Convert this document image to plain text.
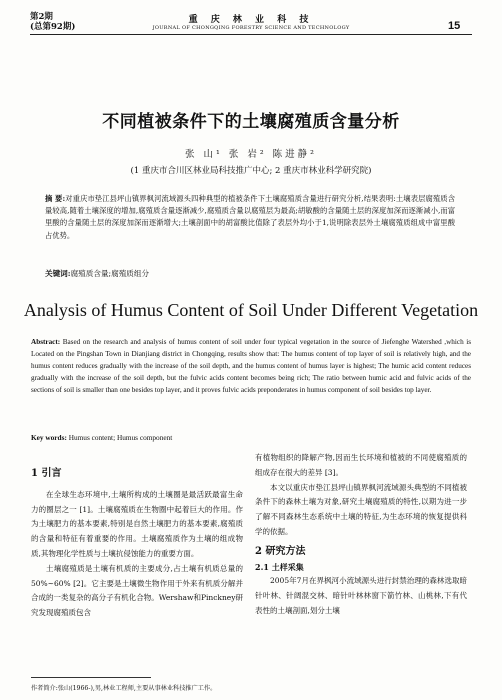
第2期
(总第92期)
重 庆 林 业 科 技
JOURNAL OF CHONGQING FORESTRY SCIENCE AND TECHNOLOGY	15
不同植被条件下的土壤腐殖质含量分析
张 山¹ 张 岩² 陈进静²
(1 重庆市合川区林业局科技推广中心; 2 重庆市林业科学研究院)
摘 要:对重庆市垫江县坪山镇界枫河流域源头四种典型的植被条件下土壤腐殖质含量进行研究分析,结果表明:土壤表层腐殖质含量较高,随着土壤深度的增加,腐殖质含量逐渐减少,腐殖质含量以腐殖层为最高;胡敏酸的含量随土层的深度加深而逐渐减小,而富里酸的含量随土层的深度加深而逐渐增大;土壤剖面中的胡富酸比值除了表层外均小于1,说明除表层外土壤腐殖质组成中富里酸占优势。
关键词:腐殖质含量;腐殖质组分
Analysis of Humus Content of Soil Under Different Vegetation
Abstract: Based on the research and analysis of humus content of soil under four typical vegetation in the source of Jiefenghe Watershed ,which is Located on the Pingshan Town in Dianjiang district in Chongqing, results show that: The humus content of top layer of soil is relatively high, and the humus content reduces gradually with the increase of the soil depth, and the humus content of humus layer is highest; The humic acid content reduces gradually with the increase of the soil depth, but the fulvic acids content becomes being rich; The ratio between humic acid and fulvic acids of the sections of soil is smaller than one besides top layer, and it proves fulvic acids preponderates in humus component of soil besides top layer.
Key words: Humus content; Humus component
1 引言

在全球生态环境中,土壤所构成的土壤圈是最活跃最富生命力的圈层之一 [1]。土壤腐殖质在生物圈中起着巨大的作用。作为土壤肥力的基本要素,特别是自然土壤肥力的基本要素,腐殖质的含量和特征有着重要的作用。土壤腐殖质作为土壤的组成物质,其物理化学性质与土壤抗侵蚀能力的重要方面。

土壤腐殖质是土壤有机质的主要成分,占土壤有机质总量的50%~60% [2]。它主要是土壤微生物作用于外来有机质分解并合成的一类复杂的高分子有机化合物。Wershaw和Pinckney研究发现腐殖质包含

有植物组织的降解产物,因而生长环境和植被的不同使腐殖质的组成存在很大的差异 [3]。

本文以重庆市垫江县坪山镇界枫河流域源头典型的不同植被条件下的森林土壤为对象,研究土壤腐殖质的特性,以期为进一步了解不同森林生态系统中土壤的特征,为生态环境的恢复提供科学的依据。

2 研究方法
2.1 土样采集

2005年7月在界枫河小流域源头进行封禁治理的森林选取暗针叶林、针阔混交林、暗针叶林林窗下箭竹林、山桃林,下有代表性的土壤剖面,划分土壤

作者简介:张山(1966-),男,林业工程师,主要从事林业科技推广工作。
